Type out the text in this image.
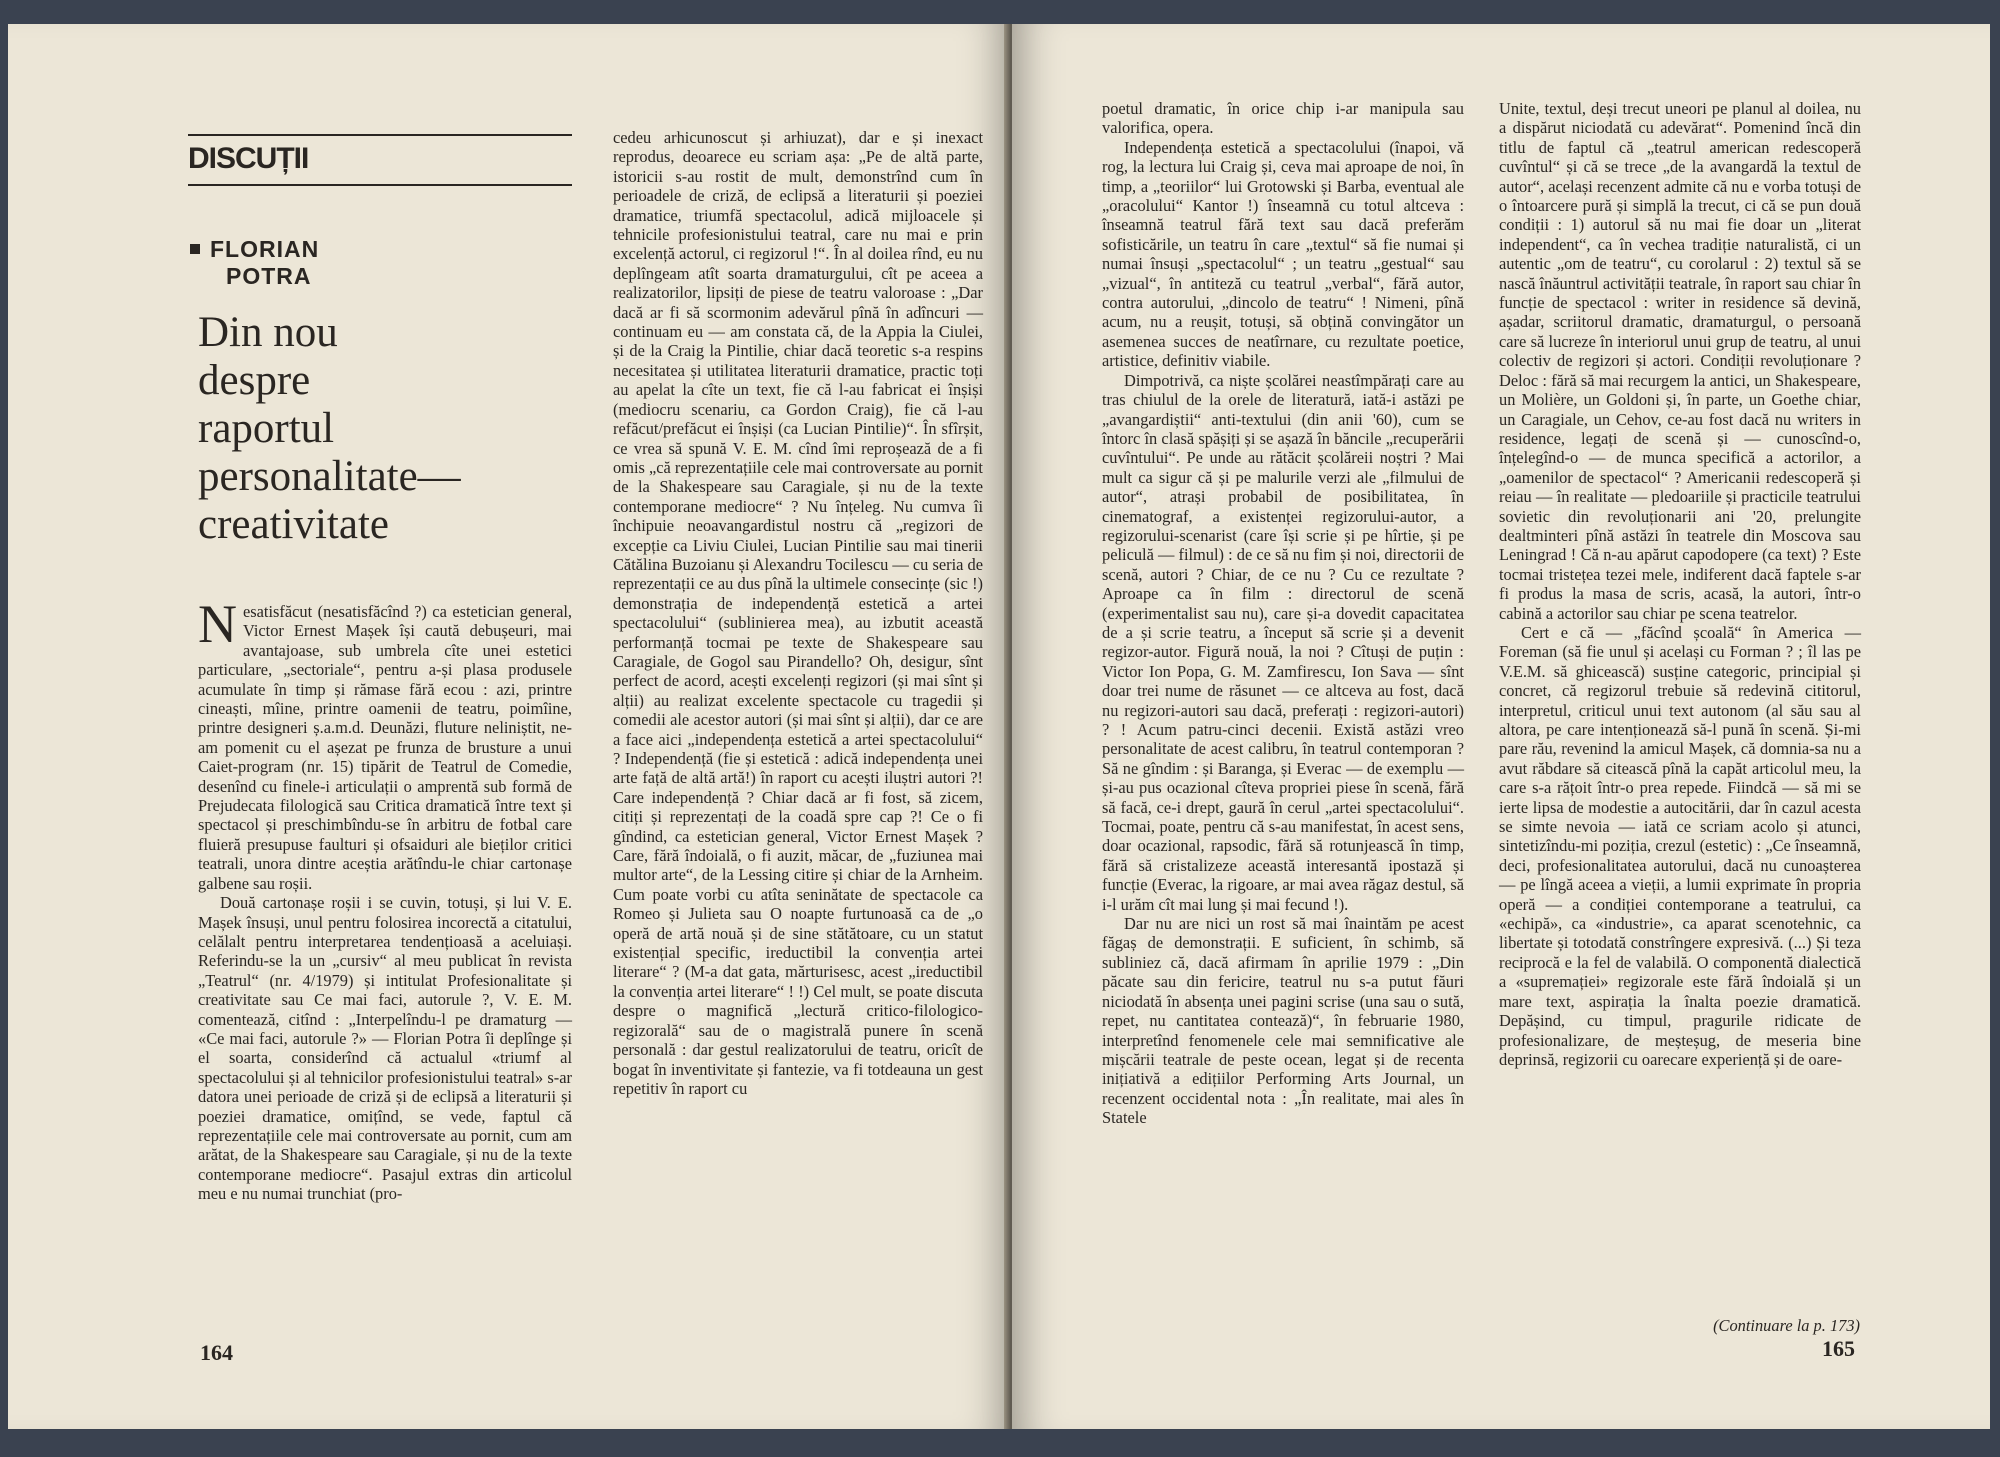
DISCUȚII
FLORIAN
POTRA
Din nou
despre
raportul
personalitate—
creativitate

Nesatisfăcut (nesatisfăcînd ?) ca estetician general, Victor Ernest Mașek își caută debușeuri, mai avantajoase, sub umbrela cîte unei estetici particulare, „sectoriale“, pentru a-și plasa produsele acumulate în timp și rămase fără ecou : azi, printre cineaști, mîine, printre oamenii de teatru, poimîine, printre designeri ș.a.m.d. Deunăzi, fluture neliniștit, ne-am pomenit cu el așezat pe frunza de brusture a unui Caiet-program (nr. 15) tipărit de Teatrul de Comedie, desenînd cu finele-i articulații o amprentă sub formă de Prejudecata filologică sau Critica dramatică între text și spectacol și preschimbîndu-se în arbitru de fotbal care fluieră presupuse faulturi și ofsaiduri ale bieților critici teatrali, unora dintre aceștia arătîndu-le chiar cartonașe galbene sau roșii.

Două cartonașe roșii i se cuvin, totuși, și lui V. E. Mașek însuși, unul pentru folosirea incorectă a citatului, celălalt pentru interpretarea tendențioasă a aceluiași. Referindu-se la un „cursiv“ al meu publicat în revista „Teatrul“ (nr. 4/1979) și intitulat Profesionalitate și creativitate sau Ce mai faci, autorule ?, V. E. M. comentează, citînd : „Interpelîndu-l pe dramaturg — «Ce mai faci, autorule ?» — Florian Potra îi deplînge și el soarta, considerînd că actualul «triumf al spectacolului și al tehnicilor profesionistului teatral» s-ar datora unei perioade de criză și de eclipsă a literaturii și poeziei dramatice, omițînd, se vede, faptul că reprezentațiile cele mai controversate au pornit, cum am arătat, de la Shakespeare sau Caragiale, și nu de la texte contemporane mediocre“. Pasajul extras din articolul meu e nu numai trunchiat (pro-

cedeu arhicunoscut și arhiuzat), dar e și inexact reprodus, deoarece eu scriam așa: „Pe de altă parte, istoricii s-au rostit de mult, demonstrînd cum în perioadele de criză, de eclipsă a literaturii și poeziei dramatice, triumfă spectacolul, adică mijloacele și tehnicile profesionistului teatral, care nu mai e prin excelență actorul, ci regizorul !“. În al doilea rînd, eu nu deplîngeam atît soarta dramaturgului, cît pe aceea a realizatorilor, lipsiți de piese de teatru valoroase : „Dar dacă ar fi să scormonim adevărul pînă în adîncuri — continuam eu — am constata că, de la Appia la Ciulei, și de la Craig la Pintilie, chiar dacă teoretic s-a respins necesitatea și utilitatea literaturii dramatice, practic toți au apelat la cîte un text, fie că l-au fabricat ei înșiși (mediocru scenariu, ca Gordon Craig), fie că l-au refăcut/prefăcut ei înșiși (ca Lucian Pintilie)“. În sfîrșit, ce vrea să spună V. E. M. cînd îmi reproșează de a fi omis „că reprezentațiile cele mai controversate au pornit de la Shakespeare sau Caragiale, și nu de la texte contemporane mediocre“ ? Nu înțeleg. Nu cumva îi închipuie neoavangardistul nostru că „regizori de excepție ca Liviu Ciulei, Lucian Pintilie sau mai tinerii Cătălina Buzoianu și Alexandru Tocilescu — cu seria de reprezentații ce au dus pînă la ultimele consecințe (sic !) demonstrația de independență estetică a artei spectacolului“ (sublinierea mea), au izbutit această performanță tocmai pe texte de Shakespeare sau Caragiale, de Gogol sau Pirandello? Oh, desigur, sînt perfect de acord, acești excelenți regizori (și mai sînt și alții) au realizat excelente spectacole cu tragedii și comedii ale acestor autori (și mai sînt și alții), dar ce are a face aici „independența estetică a artei spectacolului“ ? Independență (fie și estetică : adică independența unei arte față de altă artă!) în raport cu acești iluștri autori ?! Care independență ? Chiar dacă ar fi fost, să zicem, citiți și reprezentați de la coadă spre cap ?! Ce o fi gîndind, ca estetician general, Victor Ernest Mașek ? Care, fără îndoială, o fi auzit, măcar, de „fuziunea mai multor arte“, de la Lessing citire și chiar de la Arnheim. Cum poate vorbi cu atîta seninătate de spectacole ca Romeo și Julieta sau O noapte furtunoasă ca de „o operă de artă nouă și de sine stătătoare, cu un statut existențial specific, ireductibil la convenția artei literare“ ? (M-a dat gata, mărturisesc, acest „ireductibil la convenția artei literare“ ! !) Cel mult, se poate discuta despre o magnifică „lectură critico-filologico-regizorală“ sau de o magistrală punere în scenă personală : dar gestul realizatorului de teatru, oricît de bogat în inventivitate și fantezie, va fi totdeauna un gest repetitiv în raport cu

164

poetul dramatic, în orice chip i-ar manipula sau valorifica, opera.

Independența estetică a spectacolului (înapoi, vă rog, la lectura lui Craig și, ceva mai aproape de noi, în timp, a „teoriilor“ lui Grotowski și Barba, eventual ale „oracolului“ Kantor !) înseamnă cu totul altceva : înseamnă teatrul fără text sau dacă preferăm sofisticările, un teatru în care „textul“ să fie numai și numai însuși „spectacolul“ ; un teatru „gestual“ sau „vizual“, în antiteză cu teatrul „verbal“, fără autor, contra autorului, „dincolo de teatru“ ! Nimeni, pînă acum, nu a reușit, totuși, să obțină convingător un asemenea succes de neatîrnare, cu rezultate poetice, artistice, definitiv viabile.

Dimpotrivă, ca niște școlărei neastîmpărați care au tras chiulul de la orele de literatură, iată-i astăzi pe „avangardiștii“ anti-textului (din anii '60), cum se întorc în clasă spășiți și se așază în băncile „recuperării cuvîntului“. Pe unde au rătăcit școlăreii noștri ? Mai mult ca sigur că și pe malurile verzi ale „filmului de autor“, atrași probabil de posibilitatea, în cinematograf, a existenței regizorului-autor, a regizorului-scenarist (care își scrie și pe hîrtie, și pe peliculă — filmul) : de ce să nu fim și noi, directorii de scenă, autori ? Chiar, de ce nu ? Cu ce rezultate ? Aproape ca în film : directorul de scenă (experimentalist sau nu), care și-a dovedit capacitatea de a și scrie teatru, a început să scrie și a devenit regizor-autor. Figură nouă, la noi ? Cîtuși de puțin : Victor Ion Popa, G. M. Zamfirescu, Ion Sava — sînt doar trei nume de răsunet — ce altceva au fost, dacă nu regizori-autori sau dacă, preferați : regizori-autori) ? ! Acum patru-cinci decenii. Există astăzi vreo personalitate de acest calibru, în teatrul contemporan ? Să ne gîndim : și Baranga, și Everac — de exemplu — și-au pus ocazional cîteva propriei piese în scenă, fără să facă, ce-i drept, gaură în cerul „artei spectacolului“. Tocmai, poate, pentru că s-au manifestat, în acest sens, doar ocazional, rapsodic, fără să rotunjească în timp, fără să cristalizeze această interesantă ipostază și funcție (Everac, la rigoare, ar mai avea răgaz destul, să i-l urăm cît mai lung și mai fecund !).

Dar nu are nici un rost să mai înaintăm pe acest făgaș de demonstrații. E suficient, în schimb, să subliniez că, dacă afirmam în aprilie 1979 : „Din păcate sau din fericire, teatrul nu s-a putut făuri niciodată în absența unei pagini scrise (una sau o sută, repet, nu cantitatea contează)“, în februarie 1980, interpretînd fenomenele cele mai semnificative ale mișcării teatrale de peste ocean, legat și de recenta inițiativă a edițiilor Performing Arts Journal, un recenzent occidental nota : „În realitate, mai ales în Statele

Unite, textul, deși trecut uneori pe planul al doilea, nu a dispărut niciodată cu adevărat“. Pomenind încă din titlu de faptul că „teatrul american redescoperă cuvîntul“ și că se trece „de la avangardă la textul de autor“, același recenzent admite că nu e vorba totuși de o întoarcere pură și simplă la trecut, ci că se pun două condiții : 1) autorul să nu mai fie doar un „literat independent“, ca în vechea tradiție naturalistă, ci un autentic „om de teatru“, cu corolarul : 2) textul să se nască înăuntrul activității teatrale, în raport sau chiar în funcție de spectacol : writer in residence să devină, așadar, scriitorul dramatic, dramaturgul, o persoană care să lucreze în interiorul unui grup de teatru, al unui colectiv de regizori și actori. Condiții revoluționare ? Deloc : fără să mai recurgem la antici, un Shakespeare, un Molière, un Goldoni și, în parte, un Goethe chiar, un Caragiale, un Cehov, ce-au fost dacă nu writers in residence, legați de scenă și — cunoscînd-o, înțelegînd-o — de munca specifică a actorilor, a „oamenilor de spectacol“ ? Americanii redescoperă și reiau — în realitate — pledoariile și practicile teatrului sovietic din revoluționarii ani '20, prelungite dealtminteri pînă astăzi în teatrele din Moscova sau Leningrad ! Că n-au apărut capodopere (ca text) ? Este tocmai tristețea tezei mele, indiferent dacă faptele s-ar fi produs la masa de scris, acasă, la autori, într-o cabină a actorilor sau chiar pe scena teatrelor.

Cert e că — „făcînd școală“ în America — Foreman (să fie unul și același cu Forman ? ; îl las pe V.E.M. să ghicească) susține categoric, principial și concret, că regizorul trebuie să redevină cititorul, interpretul, criticul unui text autonom (al său sau al altora, pe care intenționează să-l pună în scenă. Și-mi pare rău, revenind la amicul Mașek, că domnia-sa nu a avut răbdare să citească pînă la capăt articolul meu, la care s-a rățoit într-o prea repede. Fiindcă — să mi se ierte lipsa de modestie a autocitării, dar în cazul acesta se simte nevoia — iată ce scriam acolo și atunci, sintetizîndu-mi poziția, crezul (estetic) : „Ce înseamnă, deci, profesionalitatea autorului, dacă nu cunoașterea — pe lîngă aceea a vieții, a lumii exprimate în propria operă — a condiției contemporane a teatrului, ca «echipă», ca «industrie», ca aparat scenotehnic, ca libertate și totodată constrîngere expresivă. (...) Și teza reciprocă e la fel de valabilă. O componentă dialectică a «supremației» regizorale este fără îndoială și un mare text, aspirația la înalta poezie dramatică. Depășind, cu timpul, pragurile ridicate de profesionalizare, de meșteșug, de meseria bine deprinsă, regizorii cu oarecare experiență și de oare-

(Continuare la p. 173)
165
